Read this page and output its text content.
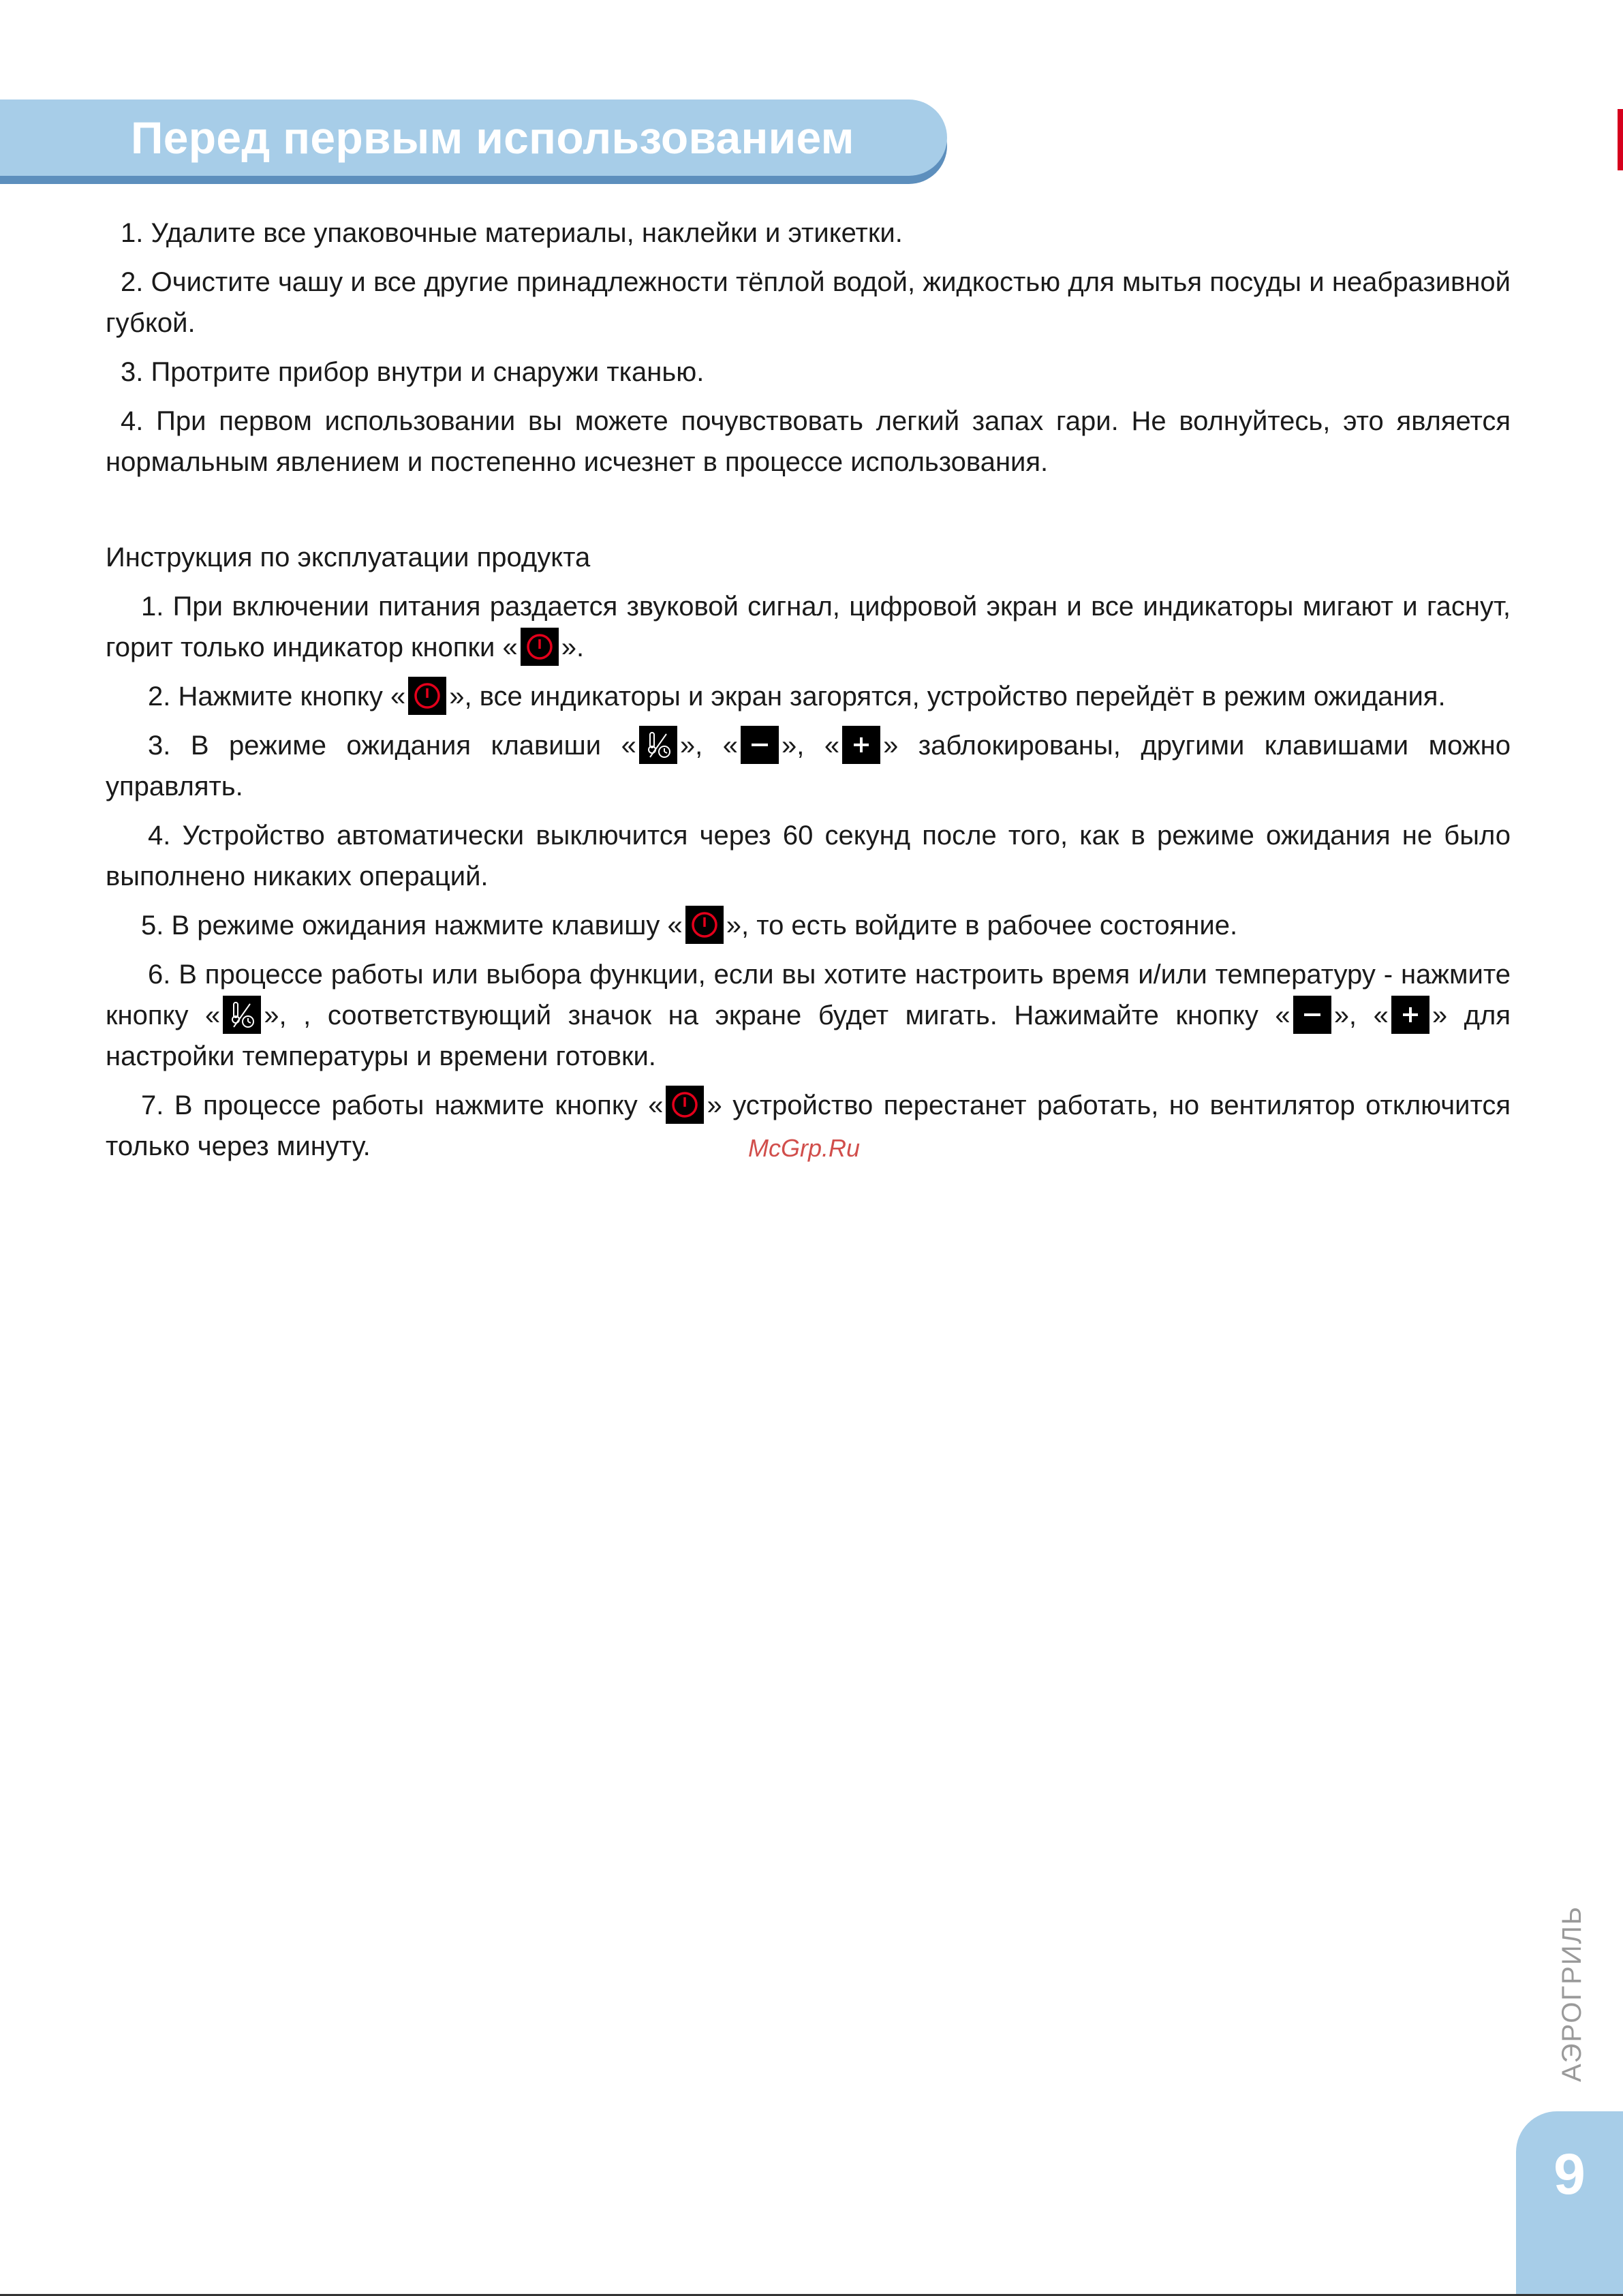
Перед первым использованием

1. Удалите все упаковочные материалы, наклейки и этикетки.

2. Очистите чашу и все другие принадлежности тёплой водой, жидкостью для мытья посуды и неабразивной губкой.

3. Протрите прибор внутри и снаружи тканью.

4. При первом использовании вы можете почувствовать легкий запах гари. Не волнуйтесь, это является нормальным явлением и постепенно исчезнет в процессе использования.

Инструкция по эксплуатации продукта

1. При включении питания раздается звуковой сигнал, цифровой экран и все индикаторы мигают и гаснут, горит только индикатор кнопки « ».

2. Нажмите кнопку « », все индикаторы и экран загорятся, устройство перейдёт в режим ожидания.

3. В режиме ожидания клавиши « », « », « » заблокированы, другими клавишами можно управлять.

4. Устройство автоматически выключится через 60 секунд после того, как в режиме ожидания не было выполнено никаких операций.

5. В режиме ожидания нажмите клавишу « », то есть войдите в рабочее состояние.

6. В процессе работы или выбора функции, если вы хотите настроить время и/или температуру - нажмите кнопку « », , соответствующий значок на экране будет мигать. Нажимайте кнопку « », « » для настройки температуры и времени готовки.

7. В процессе работы нажмите кнопку « » устройство перестанет работать, но вентилятор отключится только через минуту.	McGrp.Ru
АЭРОГРИЛЬ
9
